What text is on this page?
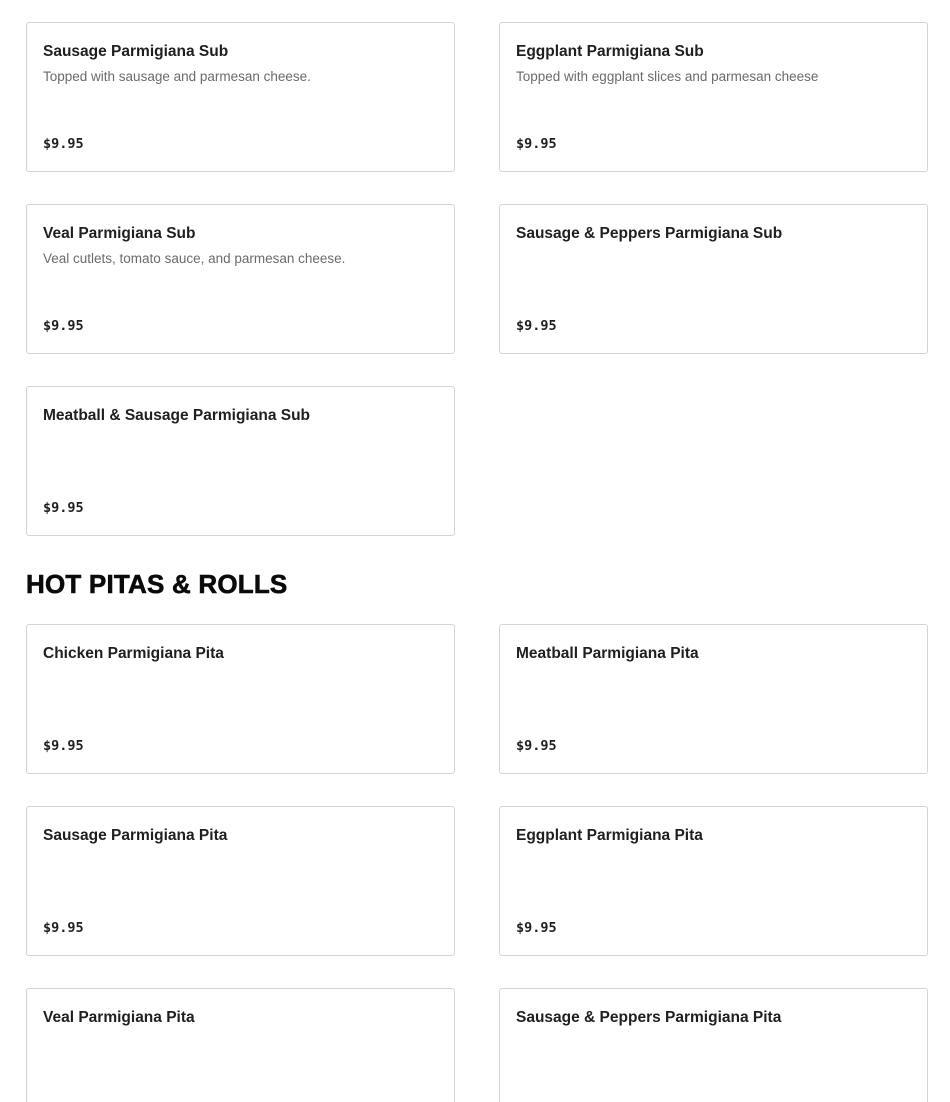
Sausage Parmigiana Sub
Topped with sausage and parmesan cheese.
$9.95
Eggplant Parmigiana Sub
Topped with eggplant slices and parmesan cheese
$9.95
Veal Parmigiana Sub
Veal cutlets, tomato sauce, and parmesan cheese.
$9.95
Sausage & Peppers Parmigiana Sub
$9.95
Meatball & Sausage Parmigiana Sub
$9.95
HOT PITAS & ROLLS
Chicken Parmigiana Pita
$9.95
Meatball Parmigiana Pita
$9.95
Sausage Parmigiana Pita
$9.95
Eggplant Parmigiana Pita
$9.95
Veal Parmigiana Pita	Sausage & Peppers Parmigiana Pita
